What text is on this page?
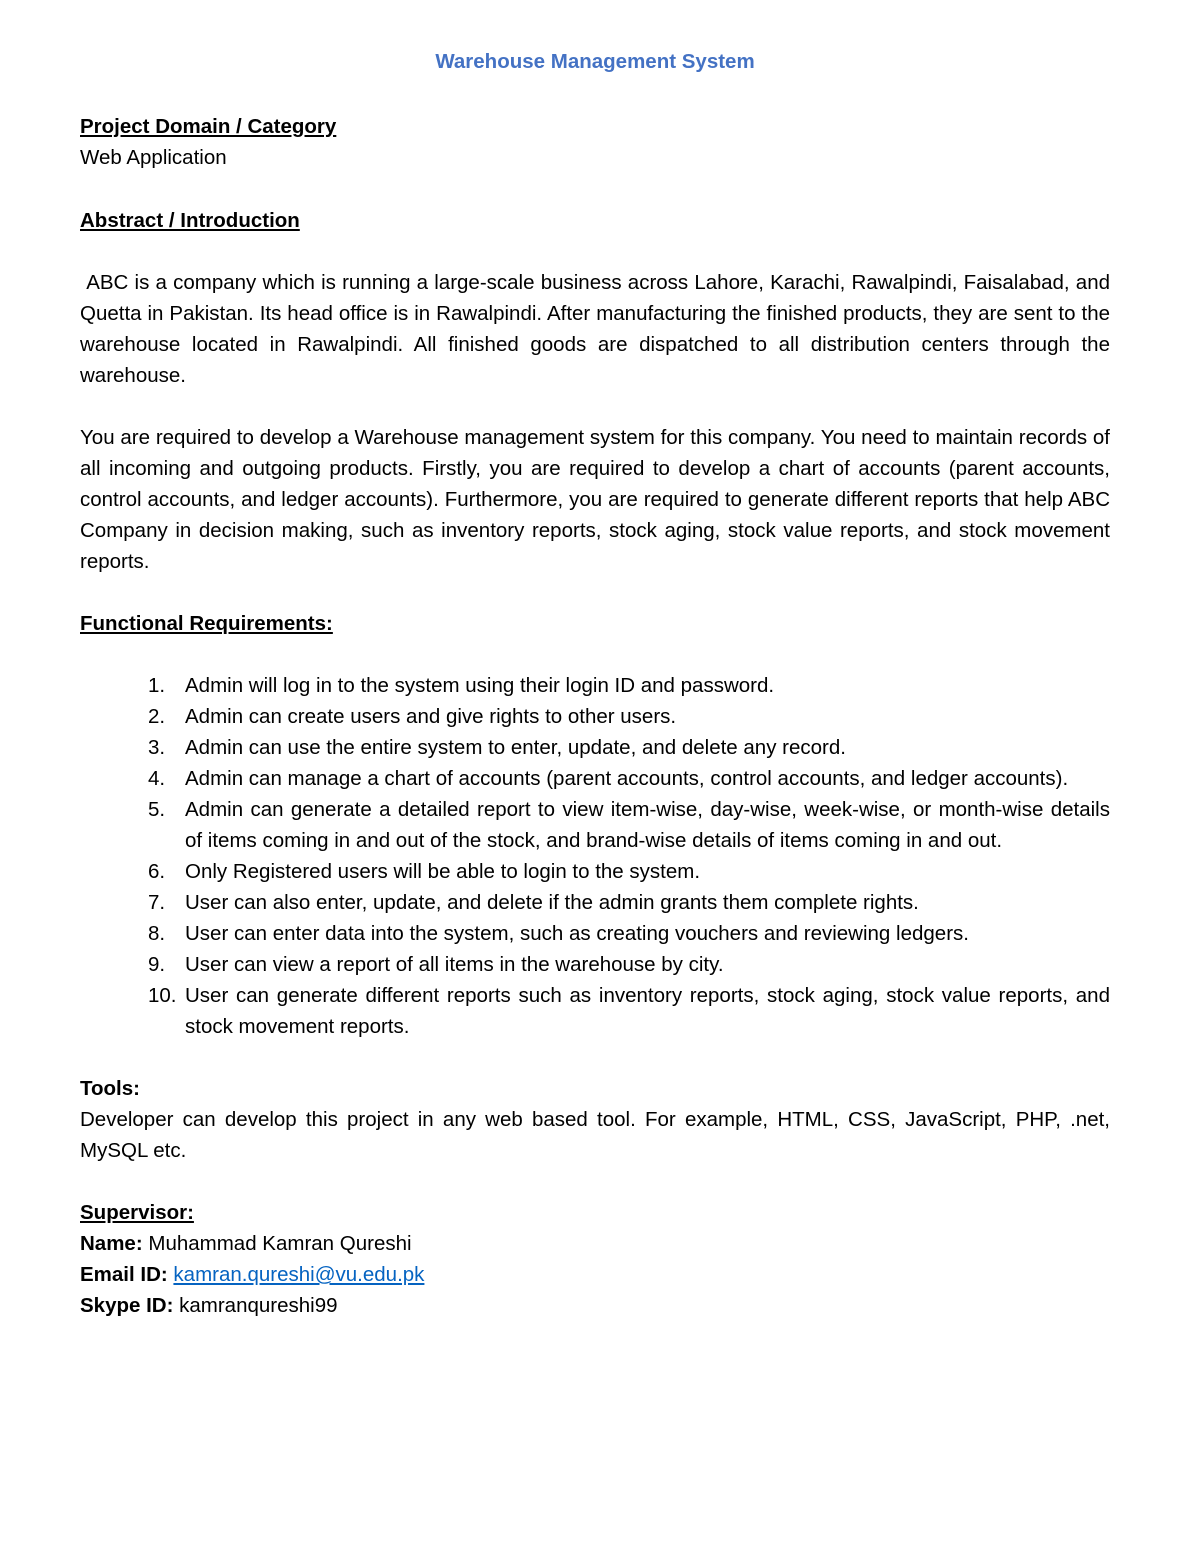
Warehouse Management System

Project Domain / Category

Web Application

Abstract / Introduction

ABC is a company which is running a large-scale business across Lahore, Karachi, Rawalpindi, Faisalabad, and Quetta in Pakistan. Its head office is in Rawalpindi. After manufacturing the finished products, they are sent to the warehouse located in Rawalpindi. All finished goods are dispatched to all distribution centers through the warehouse.

You are required to develop a Warehouse management system for this company. You need to maintain records of all incoming and outgoing products. Firstly, you are required to develop a chart of accounts (parent accounts, control accounts, and ledger accounts). Furthermore, you are required to generate different reports that help ABC Company in decision making, such as inventory reports, stock aging, stock value reports, and stock movement reports.

Functional Requirements:

1. Admin will log in to the system using their login ID and password.
2. Admin can create users and give rights to other users.
3. Admin can use the entire system to enter, update, and delete any record.
4. Admin can manage a chart of accounts (parent accounts, control accounts, and ledger accounts).
5. Admin can generate a detailed report to view item-wise, day-wise, week-wise, or month-wise details of items coming in and out of the stock, and brand-wise details of items coming in and out.
6. Only Registered users will be able to login to the system.
7. User can also enter, update, and delete if the admin grants them complete rights.
8. User can enter data into the system, such as creating vouchers and reviewing ledgers.
9. User can view a report of all items in the warehouse by city.
10. User can generate different reports such as inventory reports, stock aging, stock value reports, and stock movement reports.

Tools:

Developer can develop this project in any web based tool. For example, HTML, CSS, JavaScript, PHP, .net, MySQL etc.

Supervisor:

Name: Muhammad Kamran Qureshi

Email ID: kamran.qureshi@vu.edu.pk

Skype ID: kamranqureshi99
